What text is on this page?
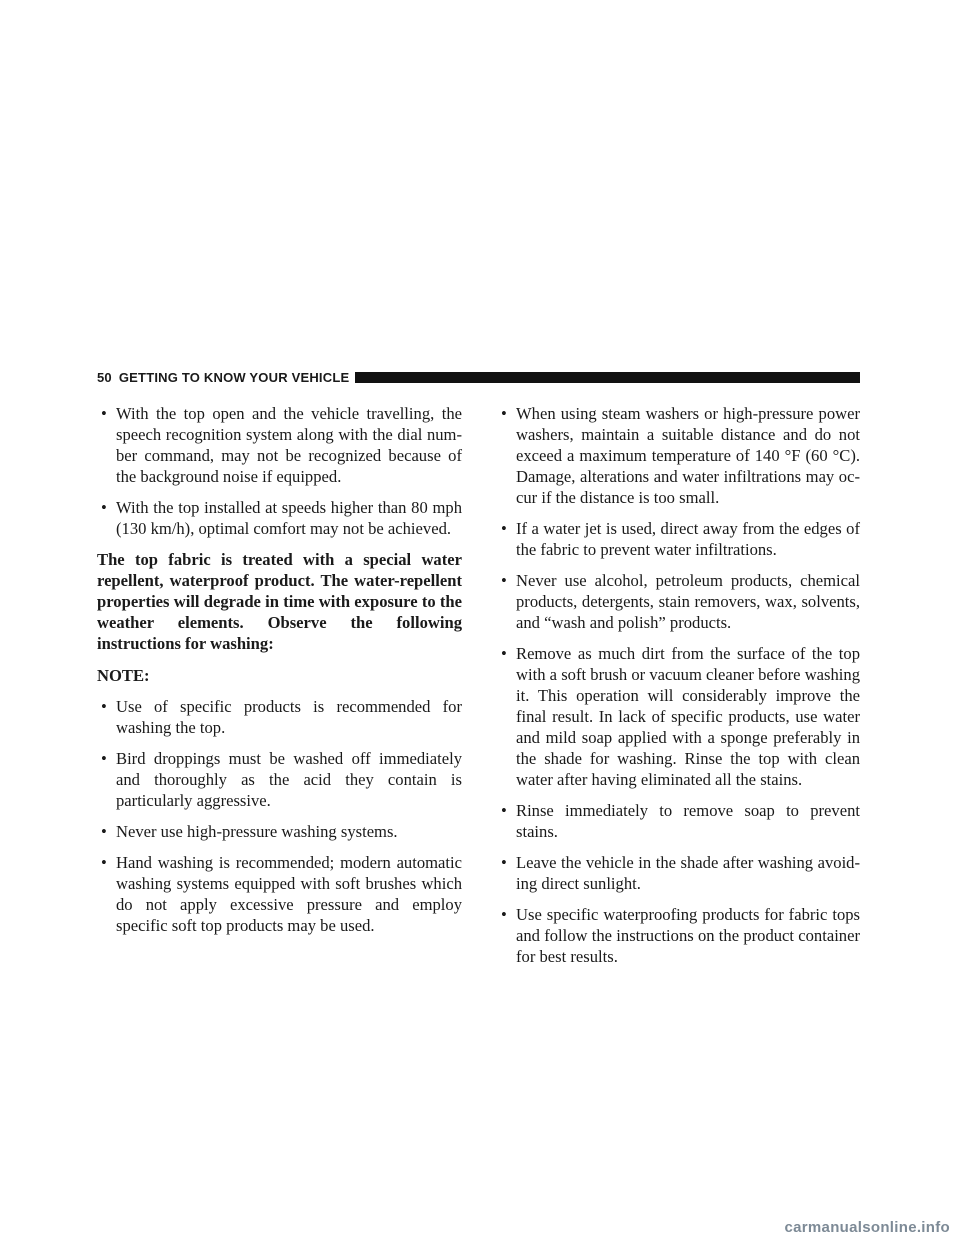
50 GETTING TO KNOW YOUR VEHICLE
• With the top open and the vehicle travelling, the speech recognition system along with the dial num-ber command, may not be recognized because of the background noise if equipped.
• With the top installed at speeds higher than 80 mph (130 km/h), optimal comfort may not be achieved.

The top fabric is treated with a special water repellent, waterproof product. The water-repellent properties will degrade in time with exposure to the weather elements. Observe the following instructions for washing:

NOTE:

• Use of specific products is recommended for washing the top.
• Bird droppings must be washed off immediately and thoroughly as the acid they contain is particularly aggressive.
• Never use high-pressure washing systems.
• Hand washing is recommended; modern automatic washing systems equipped with soft brushes which do not apply excessive pressure and employ specific soft top products may be used.
• When using steam washers or high-pressure power washers, maintain a suitable distance and do not exceed a maximum temperature of 140 °F (60 °C). Damage, alterations and water infiltrations may oc-cur if the distance is too small.
• If a water jet is used, direct away from the edges of the fabric to prevent water infiltrations.
• Never use alcohol, petroleum products, chemical products, detergents, stain removers, wax, solvents, and “wash and polish” products.
• Remove as much dirt from the surface of the top with a soft brush or vacuum cleaner before washing it. This operation will considerably improve the final result. In lack of specific products, use water and mild soap applied with a sponge preferably in the shade for washing. Rinse the top with clean water after having eliminated all the stains.
• Rinse immediately to remove soap to prevent stains.
• Leave the vehicle in the shade after washing avoid-ing direct sunlight.
• Use specific waterproofing products for fabric tops and follow the instructions on the product container for best results.
carmanualsonline.info
